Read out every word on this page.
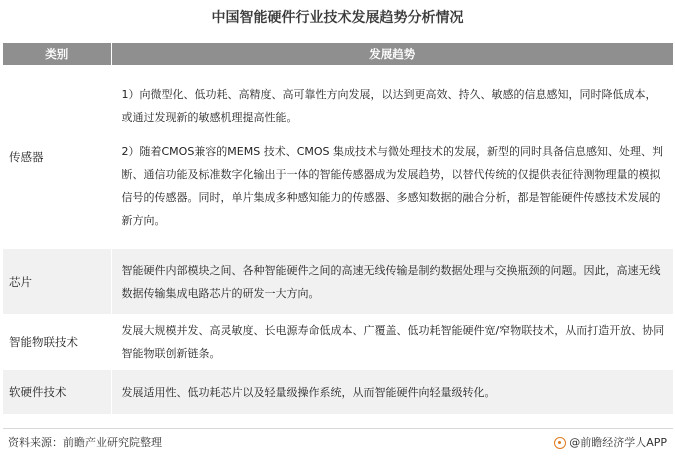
中国智能硬件行业技术发展趋势分析情况
类别	发展趋势
传感器	1）向微型化、低功耗、高精度、高可靠性方向发展，以达到更高效、持久、敏感的信息感知，同时降低成本，或通过发现新的敏感机理提高性能。

2）随着CMOS兼容的MEMS 技术、CMOS 集成技术与微处理技术的发展，新型的同时具备信息感知、处理、判断、通信功能及标准数字化输出于一体的智能传感器成为发展趋势，以替代传统的仅提供表征待测物理量的模拟信号的传感器。同时，单片集成多种感知能力的传感器、多感知数据的融合分析，都是智能硬件传感技术发展的新方向。

芯片	智能硬件内部模块之间、各种智能硬件之间的高速无线传输是制约数据处理与交换瓶颈的问题。因此，高速无线数据传输集成电路芯片的研发一大方向。

智能物联技术	发展大规模并发、高灵敏度、长电源寿命低成本、广覆盖、低功耗智能硬件宽/窄物联技术，从而打造开放、协同智能物联创新链条。

软硬件技术	发展适用性、低功耗芯片以及轻量级操作系统，从而智能硬件向轻量级转化。

资料来源：前瞻产业研究院整理	@前瞻经济学人APP
